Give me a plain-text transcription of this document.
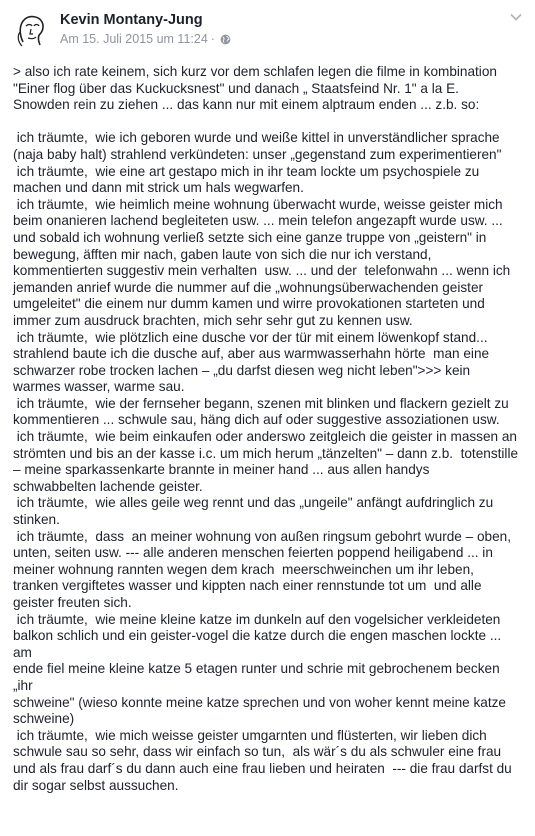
Kevin Montany-Jung
Am 15. Juli 2015 um 11:24 ·

> also ich rate keinem, sich kurz vor dem schlafen legen die filme in kombination

"Einer flog über das Kuckucksnest" und danach „ Staatsfeind Nr. 1" a la E.

Snowden rein zu ziehen ... das kann nur mit einem alptraum enden ... z.b. so:

ich träumte,  wie ich geboren wurde und weiße kittel in unverständlicher sprache

(naja baby halt) strahlend verkündeten: unser „gegenstand zum experimentieren"

ich träumte,  wie eine art gestapo mich in ihr team lockte um psychospiele zu

machen und dann mit strick um hals wegwarfen.

ich träumte,  wie heimlich meine wohnung überwacht wurde, weisse geister mich

beim onanieren lachend begleiteten usw. ... mein telefon angezapft wurde usw. ...

und sobald ich wohnung verließ setzte sich eine ganze truppe von „geistern" in

bewegung, äfften mir nach, gaben laute von sich die nur ich verstand,

kommentierten suggestiv mein verhalten  usw. ... und der  telefonwahn ... wenn ich

jemanden anrief wurde die nummer auf die „wohnungsüberwachenden geister

umgeleitet" die einem nur dumm kamen und wirre provokationen starteten und

immer zum ausdruck brachten, mich sehr sehr gut zu kennen usw.

ich träumte,  wie plötzlich eine dusche vor der tür mit einem löwenkopf stand...

strahlend baute ich die dusche auf, aber aus warmwasserhahn hörte  man eine

schwarzer robe trocken lachen – „du darfst diesen weg nicht leben">>> kein

warmes wasser, warme sau.

ich träumte,  wie der fernseher begann, szenen mit blinken und flackern gezielt zu

kommentieren ... schwule sau, häng dich auf oder suggestive assoziationen usw.

ich träumte,  wie beim einkaufen oder anderswo zeitgleich die geister in massen an

strömten und bis an der kasse i.c. um mich herum „tänzelten" – dann z.b.  totenstille

– meine sparkassenkarte brannte in meiner hand ... aus allen handys

schwabbelten lachende geister.

ich träumte,  wie alles geile weg rennt und das „ungeile" anfängt aufdringlich zu

stinken.

ich träumte,  dass  an meiner wohnung von außen ringsum gebohrt wurde – oben,

unten, seiten usw. --- alle anderen menschen feierten poppend heiligabend ... in

meiner wohnung rannten wegen dem krach  meerschweinchen um ihr leben,

tranken vergiftetes wasser und kippten nach einer rennstunde tot um  und alle

geister freuten sich.

ich träumte,  wie meine kleine katze im dunkeln auf den vogelsicher verkleideten

balkon schlich und ein geister-vogel die katze durch die engen maschen lockte ... am

ende fiel meine kleine katze 5 etagen runter und schrie mit gebrochenem becken „ihr

schweine" (wieso konnte meine katze sprechen und von woher kennt meine katze

schweine)

ich träumte,  wie mich weisse geister umgarnten und flüsterten, wir lieben dich

schwule sau so sehr, dass wir einfach so tun,  als wär´s du als schwuler eine frau

und als frau darf´s du dann auch eine frau lieben und heiraten  --- die frau darfst du

dir sogar selbst aussuchen.
